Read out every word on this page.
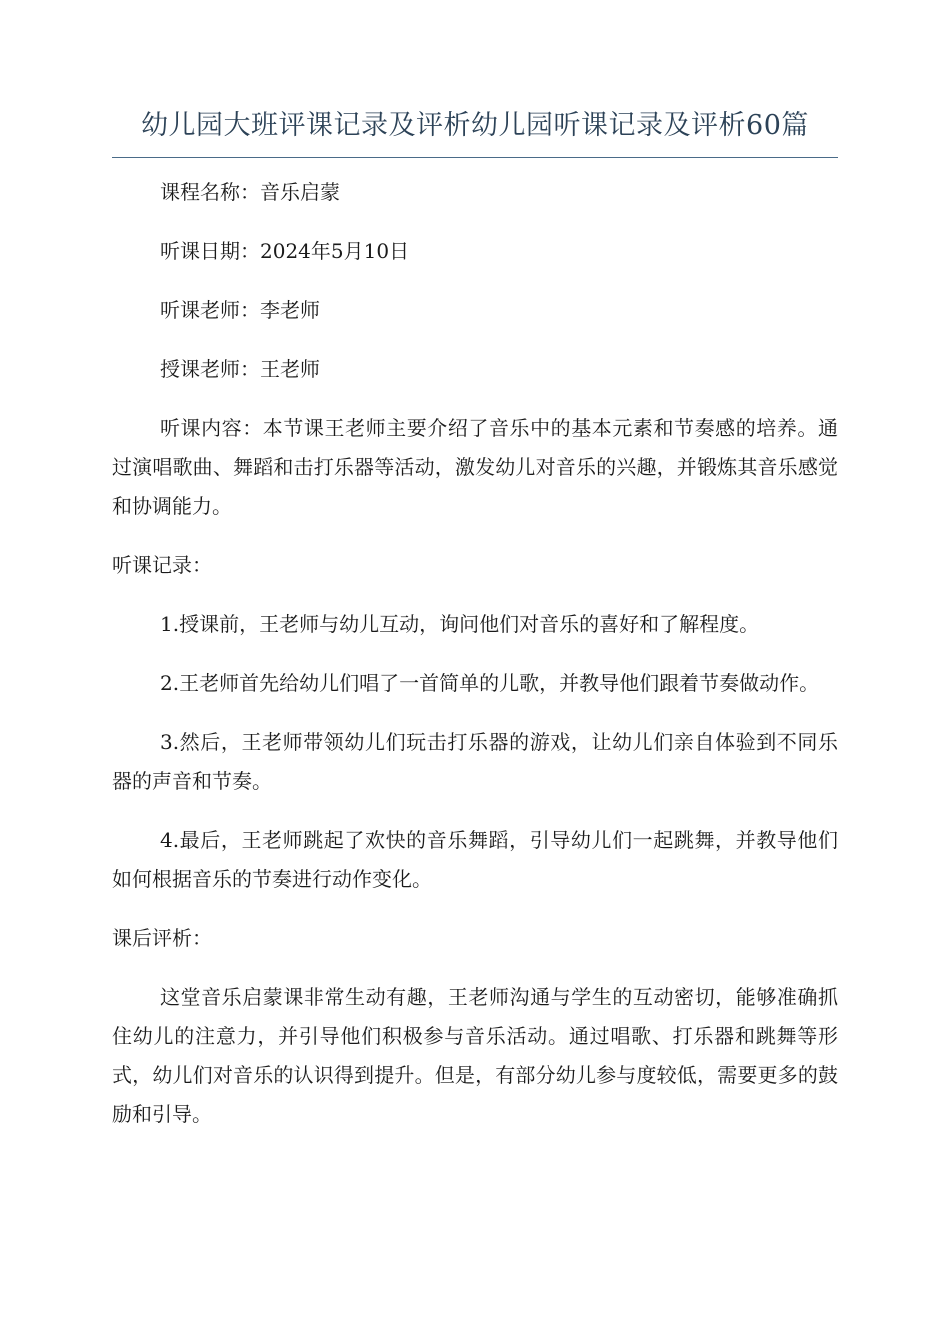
幼儿园大班评课记录及评析幼儿园听课记录及评析60篇

课程名称：音乐启蒙

听课日期：2024年5月10日

听课老师：李老师

授课老师：王老师

听课内容：本节课王老师主要介绍了音乐中的基本元素和节奏感的培养。通过演唱歌曲、舞蹈和击打乐器等活动，激发幼儿对音乐的兴趣，并锻炼其音乐感觉和协调能力。

听课记录：

1.授课前，王老师与幼儿互动，询问他们对音乐的喜好和了解程度。

2.王老师首先给幼儿们唱了一首简单的儿歌，并教导他们跟着节奏做动作。

3.然后，王老师带领幼儿们玩击打乐器的游戏，让幼儿们亲自体验到不同乐器的声音和节奏。

4.最后，王老师跳起了欢快的音乐舞蹈，引导幼儿们一起跳舞，并教导他们如何根据音乐的节奏进行动作变化。

课后评析：

这堂音乐启蒙课非常生动有趣，王老师沟通与学生的互动密切，能够准确抓住幼儿的注意力，并引导他们积极参与音乐活动。通过唱歌、打乐器和跳舞等形式，幼儿们对音乐的认识得到提升。但是，有部分幼儿参与度较低，需要更多的鼓励和引导。
